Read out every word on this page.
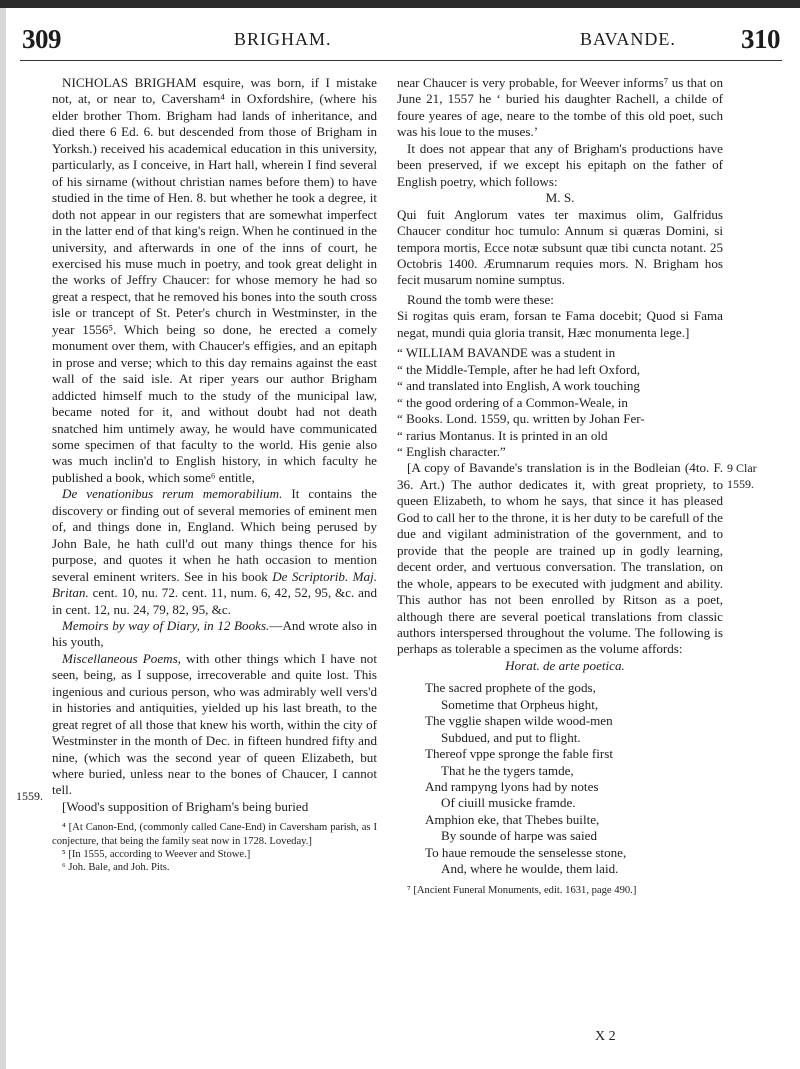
309	BRIGHAM.	BAVANDE. 310

NICHOLAS BRIGHAM esquire, was born, if I mistake not, at, or near to, Caversham⁴ in Oxfordshire, (where his elder brother Thom. Brigham had lands of inheritance, and died there 6 Ed. 6. but descended from those of Brigham in Yorksh.) received his academical education in this university, particularly, as I conceive, in Hart hall, wherein I find several of his sirname (without christian names before them) to have studied in the time of Hen. 8. but whether he took a degree, it doth not appear in our registers that are somewhat imperfect in the latter end of that king's reign. When he continued in the university, and afterwards in one of the inns of court, he exercised his muse much in poetry, and took great delight in the works of Jeffry Chaucer: for whose memory he had so great a respect, that he removed his bones into the south cross isle or trancept of St. Peter's church in Westminster, in the year 1556⁵. Which being so done, he erected a comely monument over them, with Chaucer's effigies, and an epitaph in prose and verse; which to this day remains against the east wall of the said isle. At riper years our author Brigham addicted himself much to the study of the municipal law, became noted for it, and without doubt had not death snatched him untimely away, he would have communicated some specimen of that faculty to the world. His genie also was much inclin'd to English history, in which faculty he published a book, which some⁶ entitle,

De venationibus rerum memorabilium. It contains the discovery or finding out of several memories of eminent men of, and things done in, England. Which being perused by John Bale, he hath cull'd out many things thence for his purpose, and quotes it when he hath occasion to mention several eminent writers. See in his book De Scriptorib. Maj. Britan. cent. 10, nu. 72. cent. 11, num. 6, 42, 52, 95, &c. and in cent. 12, nu. 24, 79, 82, 95, &c.

Memoirs by way of Diary, in 12 Books.—And wrote also in his youth,

Miscellaneous Poems, with other things which I have not seen, being, as I suppose, irrecoverable and quite lost. This ingenious and curious person, who was admirably well vers'd in histories and antiquities, yielded up his last breath, to the great regret of all those that knew his worth, within the city of Westminster in the month of Dec. in fifteen hundred fifty and nine, (which was the second year of queen Elizabeth, but where buried, unless near to the bones of Chaucer, I cannot tell.

[Wood's supposition of Brigham's being buried

⁴ [At Canon-End, (commonly called Cane-End) in Caversham parish, as I conjecture, that being the family seat now in 1728. Loveday.]

⁵ [In 1555, according to Weever and Stowe.]

⁶ Joh. Bale, and Joh. Pits.

1559.

near Chaucer is very probable, for Weever informs⁷ us that on June 21, 1557 he ‘ buried his daughter Rachell, a childe of foure yeares of age, neare to the tombe of this old poet, such was his loue to the muses.’

It does not appear that any of Brigham's productions have been preserved, if we except his epitaph on the father of English poetry, which follows:

M. S.

Qui fuit Anglorum vates ter maximus olim, Galfridus Chaucer conditur hoc tumulo: Annum si quæras Domini, si tempora mortis, Ecce notæ subsunt quæ tibi cuncta notant. 25 Octobris 1400. Ærumnarum requies mors. N. Brigham hos fecit musarum nomine sumptus.

Round the tomb were these:

Si rogitas quis eram, forsan te Fama docebit; Quod si Fama negat, mundi quia gloria transit, Hæc monumenta lege.]

“ WILLIAM BAVANDE was a student in
“ the Middle-Temple, after he had left Oxford,
“ and translated into English, A work touching
“ the good ordering of a Common-Weale, in
“ Books. Lond. 1559, qu. written by Johan Fer-
“ rarius Montanus. It is printed in an old
“ English character.”

[A copy of Bavande's translation is in the Bodleian (4to. F. 36. Art.) The author dedicates it, with great propriety, to queen Elizabeth, to whom he says, that since it has pleased God to call her to the throne, it is her duty to be carefull of the due and vigilant administration of the government, and to provide that the people are trained up in godly learning, decent order, and vertuous conversation. The translation, on the whole, appears to be executed with judgment and ability. This author has not been enrolled by Ritson as a poet, although there are several poetical translations from classic authors interspersed throughout the volume. The following is perhaps as tolerable a specimen as the volume affords:

Horat. de arte poetica.

The sacred prophete of the gods,
Sometime that Orpheus hight,
The vgglie shapen wilde wood-men
Subdued, and put to flight.
Thereof vppe spronge the fable first
That he the tygers tamde,
And rampyng lyons had by notes
Of ciuill musicke framde.
Amphion eke, that Thebes builte,
By sounde of harpe was saied
To haue remoude the senselesse stone,
And, where he woulde, them laid.

⁷ [Ancient Funeral Monuments, edit. 1631, page 490.]

9 Clar
1559.
X 2
